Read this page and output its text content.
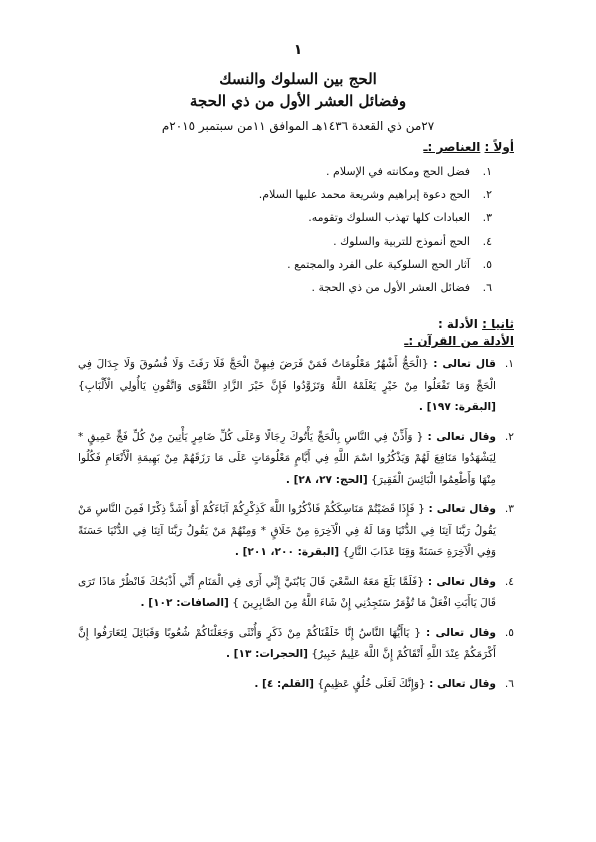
١
الحج بين السلوك والنسك
وفضائل العشر الأول من ذي الحجة
٢٧من ذي القعدة ١٤٣٦هـ الموافق ١١من سبتمبر ٢٠١٥م
أولاً : العناصر :ـ
١.
فضل الحج ومكانته في الإسلام .
٢.
الحج دعوة إبراهيم وشريعة محمد عليها السلام.
٣.
العبادات كلها تهذب السلوك وتقومه.
٤.
الحج أنموذج للتربية والسلوك .
٥.
آثار الحج السلوكية على الفرد والمجتمع .
٦.
فضائل العشر الأول من ذي الحجة .
ثانيا : الأدلة :
الأدلة من القرآن :ـ
١.
قال تعالى : {الْحَجُّ أَشْهُرٌ مَعْلُومَاتٌ فَمَنْ فَرَضَ فِيهِنَّ الْحَجَّ فَلَا رَفَثَ وَلَا فُسُوقَ وَلَا جِدَالَ فِي الْحَجِّ وَمَا تَفْعَلُوا مِنْ خَيْرٍ يَعْلَمْهُ اللَّهُ وَتَزَوَّدُوا فَإِنَّ خَيْرَ الزَّادِ التَّقْوَى وَاتَّقُونِ يَاأُولِي الْأَلْبَابِ} [البقرة: ١٩٧] .
٢.
وقال تعالى : { وَأَذِّنْ فِي النَّاسِ بِالْحَجِّ يَأْتُوكَ رِجَالًا وَعَلَى كُلِّ ضَامِرٍ يَأْتِينَ مِنْ كُلِّ فَجٍّ عَمِيقٍ * لِيَشْهَدُوا مَنَافِعَ لَهُمْ وَيَذْكُرُوا اسْمَ اللَّهِ فِي أَيَّامٍ مَعْلُومَاتٍ عَلَى مَا رَزَقَهُمْ مِنْ بَهِيمَةِ الْأَنْعَامِ فَكُلُوا مِنْهَا وَأَطْعِمُوا الْبَائِسَ الْفَقِيرَ} [الحج: ٢٧، ٢٨] .
٣.
وقال تعالى : { فَإِذَا قَضَيْتُمْ مَنَاسِكَكُمْ فَاذْكُرُوا اللَّهَ كَذِكْرِكُمْ آبَاءَكُمْ أَوْ أَشَدَّ ذِكْرًا فَمِنَ النَّاسِ مَنْ يَقُولُ رَبَّنَا آتِنَا فِي الدُّنْيَا وَمَا لَهُ فِي الْآخِرَةِ مِنْ خَلَاقٍ * وَمِنْهُمْ مَنْ يَقُولُ رَبَّنَا آتِنَا فِي الدُّنْيَا حَسَنَةً وَفِي الْآخِرَةِ حَسَنَةً وَقِنَا عَذَابَ النَّارِ} [البقرة: ٢٠٠، ٢٠١] .
٤.
وقال تعالى : {فَلَمَّا بَلَغَ مَعَهُ السَّعْيَ قَالَ يَابُنَيَّ إِنِّي أَرَى فِي الْمَنَامِ أَنِّي أَذْبَحُكَ فَانْظُرْ مَاذَا تَرَى قَالَ يَاأَبَتِ افْعَلْ مَا تُؤْمَرُ سَتَجِدُنِي إِنْ شَاءَ اللَّهُ مِنَ الصَّابِرِينَ } [الصافات: ١٠٢] .
٥.
وقال تعالى : { يَاأَيُّهَا النَّاسُ إِنَّا خَلَقْنَاكُمْ مِنْ ذَكَرٍ وَأُنْثَى وَجَعَلْنَاكُمْ شُعُوبًا وَقَبَائِلَ لِتَعَارَفُوا إِنَّ أَكْرَمَكُمْ عِنْدَ اللَّهِ أَتْقَاكُمْ إِنَّ اللَّهَ عَلِيمٌ خَبِيرٌ} [الحجرات: ١٣] .
٦.
وقال تعالى : {وَإِنَّكَ لَعَلَى خُلُقٍ عَظِيمٍ} [القلم: ٤] .
